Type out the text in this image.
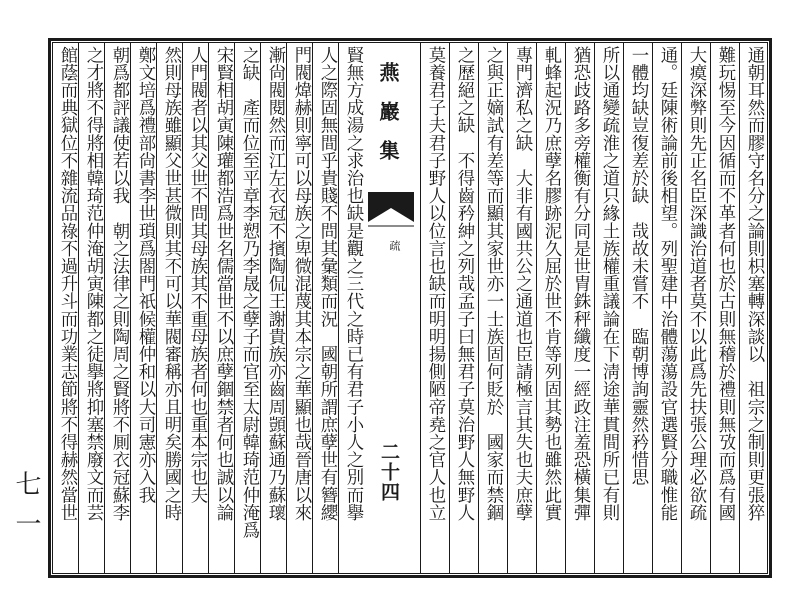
通朝耳然而膠守名分之論則枳塞轉深談以　祖宗之制則更張猝
難玩惕至今因循而不革者何也於古則無稽於禮則無攷而爲有國
大瘼深弊則先正名臣深識治道者莫不以此爲先扶張公理必欲疏
通。廷陳術論前後相望。列聖建中治體蕩蕩設官選賢分職惟能
一體均缺豈復差於缺　哉故未嘗不　臨朝博詢靈然矜惜思
所以通變疏淮之道只緣土族權重議論在下淸途華貫間所已有則
猶恐歧路多旁權衡有分同是世胄銖秤纖度一經政注羞恐橫集彈
軋蜂起況乃庶孽名膠跡泥久屈於世不肯等列固其勢也雖然此實
專門濟私之缺　大非有國共公之通道也臣請極言其失也夫庶孽
之與正嫡試有差等而顯其家世亦一士族固何貶於　國家而禁錮
之歷絕之缺　不得齒矜紳之列哉孟子曰無君子莫治野人無野人
莫養君子夫君子野人以位言也缺而明明揚側陋帝堯之官人也立
賢無方成湯之求治也缺是觀之三代之時已有君子小人之別而擧
人之際固無間乎貴賤不問其彙類而況　國朝所謂庶孽世有簪纓
門閥煒赫則寧可以母族之卑微混蔑其本宗之華顯也哉晉唐以來
漸尙閥閱然而江左衣冠不擯陶侃王謝貴族亦齒周顗蘇通乃蘇瓌
之缺　產而位至平章李愬乃李晟之孽子而官至太尉韓琦范仲淹爲
宋賢相胡寅陳瓘都浩爲世名儒當世不以庶孽錮禁者何也誠以論
人門閥者以其父世不問其母族其不重母族者何也重本宗也夫
然則母族雖顯父世甚微則其不可以華閥審稱亦且明矣勝國之時
鄭文培爲禮部尙書李世瑣爲閤門祇候權仲和以大司憲亦入我
朝爲都評議使若以我　朝之法律之則陶周之賢將不厠衣冠蘇李
之才將不得將相韓琦范仲淹胡寅陳都之徒擧將抑塞禁廢文而芸
館蔭而典獄位不雜流品祿不過升斗而功業志節將不得赫然當世	燕 巖 集
疏
二十四
七一
